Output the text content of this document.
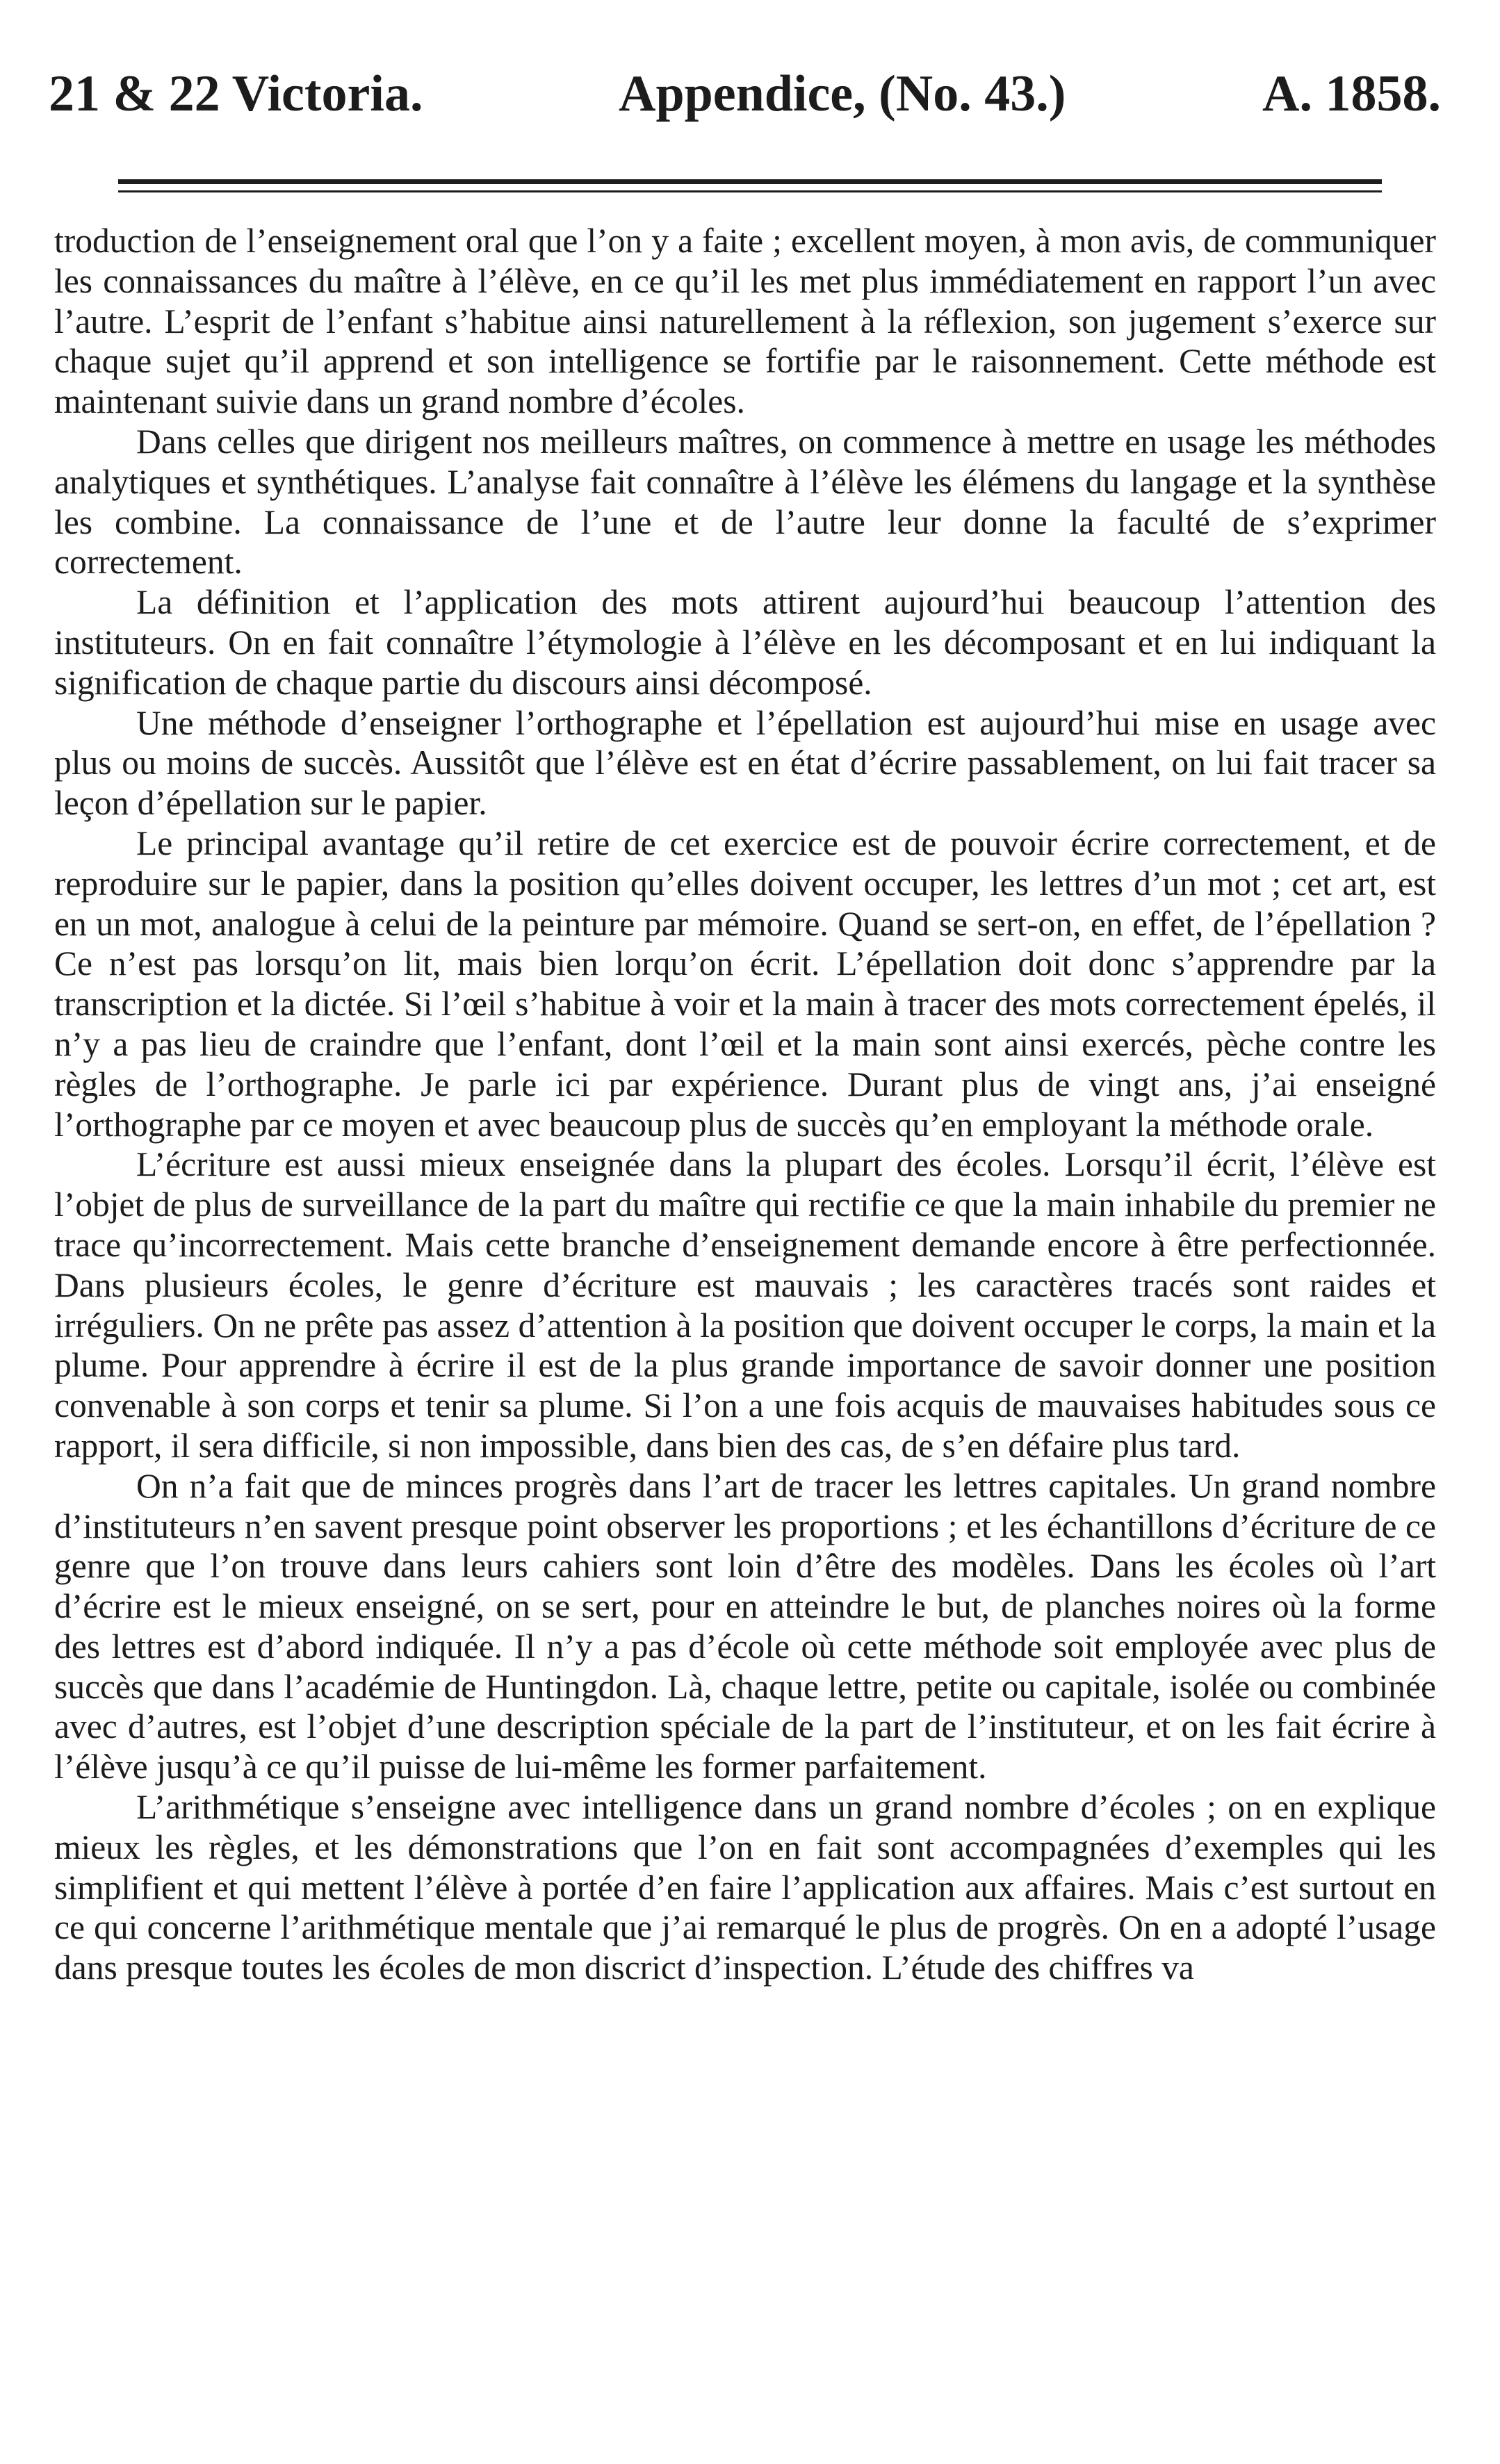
21 & 22 Victoria.	Appendice, (No. 43.)	A. 1858.

troduction de l’enseignement oral que l’on y a faite ; excellent moyen, à mon avis, de communiquer les connaissances du maître à l’élève, en ce qu’il les met plus immédiatement en rapport l’un avec l’autre. L’esprit de l’enfant s’habitue ainsi naturellement à la réflexion, son jugement s’exerce sur chaque sujet qu’il apprend et son intelligence se fortifie par le raisonnement. Cette méthode est maintenant suivie dans un grand nombre d’écoles.

Dans celles que dirigent nos meilleurs maîtres, on commence à mettre en usage les méthodes analytiques et synthétiques. L’analyse fait connaître à l’élève les élémens du langage et la synthèse les combine. La connaissance de l’une et de l’autre leur donne la faculté de s’exprimer correctement.

La définition et l’application des mots attirent aujourd’hui beaucoup l’attention des instituteurs. On en fait connaître l’étymologie à l’élève en les décomposant et en lui indiquant la signification de chaque partie du discours ainsi décomposé.

Une méthode d’enseigner l’orthographe et l’épellation est aujourd’hui mise en usage avec plus ou moins de succès. Aussitôt que l’élève est en état d’écrire passablement, on lui fait tracer sa leçon d’épellation sur le papier.

Le principal avantage qu’il retire de cet exercice est de pouvoir écrire correctement, et de reproduire sur le papier, dans la position qu’elles doivent occuper, les lettres d’un mot ; cet art, est en un mot, analogue à celui de la peinture par mémoire. Quand se sert-on, en effet, de l’épellation ? Ce n’est pas lorsqu’on lit, mais bien lorqu’on écrit. L’épellation doit donc s’apprendre par la transcription et la dictée. Si l’œil s’habitue à voir et la main à tracer des mots correctement épelés, il n’y a pas lieu de craindre que l’enfant, dont l’œil et la main sont ainsi exercés, pèche contre les règles de l’orthographe. Je parle ici par expérience. Durant plus de vingt ans, j’ai enseigné l’orthographe par ce moyen et avec beaucoup plus de succès qu’en employant la méthode orale.

L’écriture est aussi mieux enseignée dans la plupart des écoles. Lorsqu’il écrit, l’élève est l’objet de plus de surveillance de la part du maître qui rectifie ce que la main inhabile du premier ne trace qu’incorrectement. Mais cette branche d’enseignement demande encore à être perfectionnée. Dans plusieurs écoles, le genre d’écriture est mauvais ; les caractères tracés sont raides et irréguliers. On ne prête pas assez d’attention à la position que doivent occuper le corps, la main et la plume. Pour apprendre à écrire il est de la plus grande importance de savoir donner une position convenable à son corps et tenir sa plume. Si l’on a une fois acquis de mauvaises habitudes sous ce rapport, il sera difficile, si non impossible, dans bien des cas, de s’en défaire plus tard.

On n’a fait que de minces progrès dans l’art de tracer les lettres capitales. Un grand nombre d’instituteurs n’en savent presque point observer les proportions ; et les échantillons d’écriture de ce genre que l’on trouve dans leurs cahiers sont loin d’être des modèles. Dans les écoles où l’art d’écrire est le mieux enseigné, on se sert, pour en atteindre le but, de planches noires où la forme des lettres est d’abord indiquée. Il n’y a pas d’école où cette méthode soit employée avec plus de succès que dans l’académie de Huntingdon. Là, chaque lettre, petite ou capitale, isolée ou combinée avec d’autres, est l’objet d’une description spéciale de la part de l’instituteur, et on les fait écrire à l’élève jusqu’à ce qu’il puisse de lui-même les former parfaitement.

L’arithmétique s’enseigne avec intelligence dans un grand nombre d’écoles ; on en explique mieux les règles, et les démonstrations que l’on en fait sont accompagnées d’exemples qui les simplifient et qui mettent l’élève à portée d’en faire l’application aux affaires. Mais c’est surtout en ce qui concerne l’arithmétique mentale que j’ai remarqué le plus de progrès. On en a adopté l’usage dans presque toutes les écoles de mon discrict d’inspection. L’étude des chiffres va
